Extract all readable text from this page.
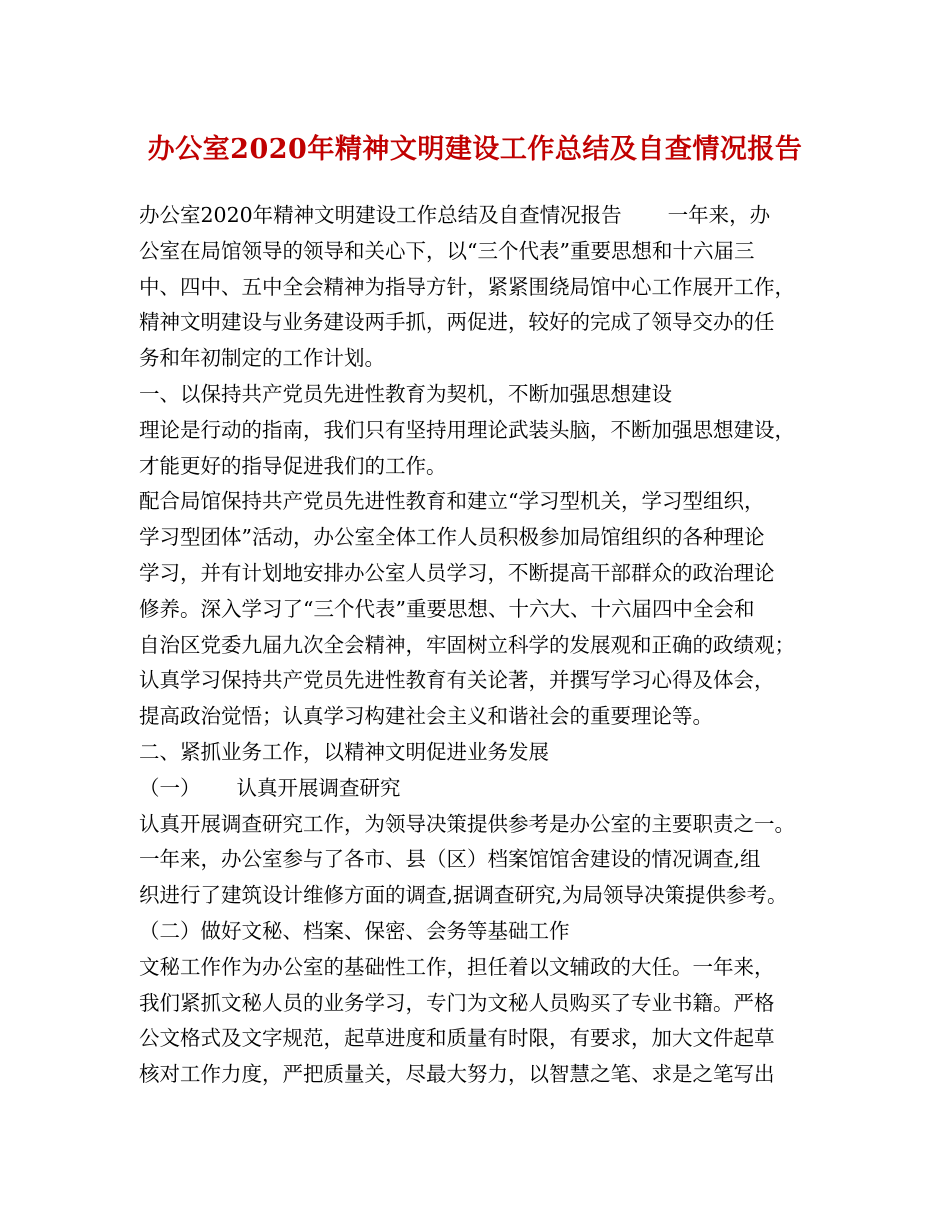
办公室2020年精神文明建设工作总结及自查情况报告
办公室2020年精神文明建设工作总结及自查情况报告 一年来，办
公室在局馆领导的领导和关心下，以“三个代表”重要思想和十六届三
中、四中、五中全会精神为指导方针，紧紧围绕局馆中心工作展开工作，
精神文明建设与业务建设两手抓，两促进，较好的完成了领导交办的任
务和年初制定的工作计划。
一、以保持共产党员先进性教育为契机，不断加强思想建设
理论是行动的指南，我们只有坚持用理论武装头脑，不断加强思想建设，
才能更好的指导促进我们的工作。
配合局馆保持共产党员先进性教育和建立“学习型机关，学习型组织，
学习型团体”活动，办公室全体工作人员积极参加局馆组织的各种理论
学习，并有计划地安排办公室人员学习，不断提高干部群众的政治理论
修养。深入学习了“三个代表”重要思想、十六大、十六届四中全会和
自治区党委九届九次全会精神，牢固树立科学的发展观和正确的政绩观；
认真学习保持共产党员先进性教育有关论著，并撰写学习心得及体会，
提高政治觉悟；认真学习构建社会主义和谐社会的重要理论等。
二、紧抓业务工作，以精神文明促进业务发展
（一） 认真开展调查研究
认真开展调查研究工作，为领导决策提供参考是办公室的主要职责之一。
一年来，办公室参与了各市、县（区）档案馆馆舍建设的情况调查,组
织进行了建筑设计维修方面的调查,据调查研究,为局领导决策提供参考。
（二）做好文秘、档案、保密、会务等基础工作
文秘工作作为办公室的基础性工作，担任着以文辅政的大任。一年来，
我们紧抓文秘人员的业务学习，专门为文秘人员购买了专业书籍。严格
公文格式及文字规范，起草进度和质量有时限，有要求，加大文件起草
核对工作力度，严把质量关，尽最大努力，以智慧之笔、求是之笔写出
